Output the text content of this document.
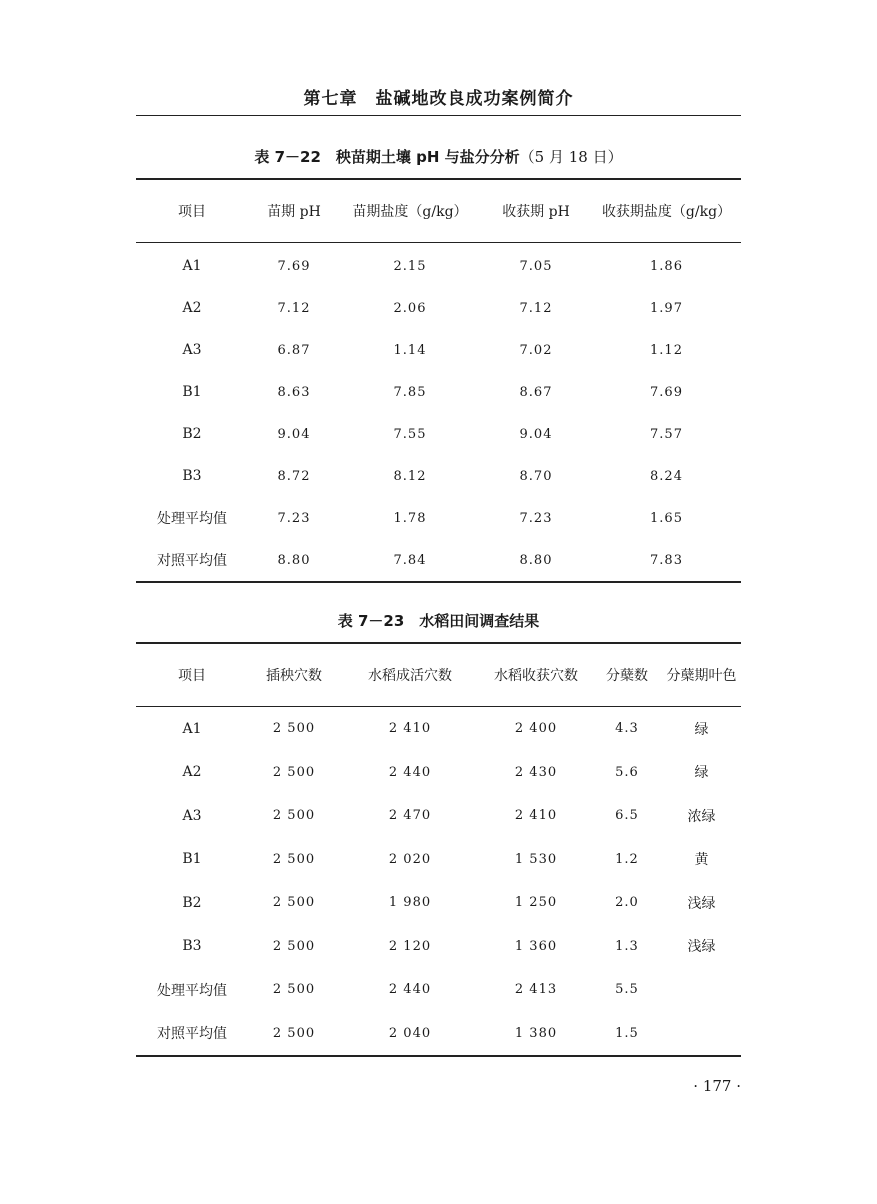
第七章　盐碱地改良成功案例简介
表 7－22　秧苗期土壤 pH 与盐分分析（5 月 18 日）
项目	苗期 pH	苗期盐度（g/kg）	收获期 pH	收获期盐度（g/kg）
A1	7.69	2.15	7.05	1.86
A2	7.12	2.06	7.12	1.97
A3	6.87	1.14	7.02	1.12
B1	8.63	7.85	8.67	7.69
B2	9.04	7.55	9.04	7.57
B3	8.72	8.12	8.70	8.24
处理平均值	7.23	1.78	7.23	1.65
对照平均值	8.80	7.84	8.80	7.83
表 7－23　水稻田间调查结果
项目	插秧穴数	水稻成活穴数	水稻收获穴数	分蘖数	分蘖期叶色
A1	2 500	2 410	2 400	4.3	绿
A2	2 500	2 440	2 430	5.6	绿
A3	2 500	2 470	2 410	6.5	浓绿
B1	2 500	2 020	1 530	1.2	黄
B2	2 500	1 980	1 250	2.0	浅绿
B3	2 500	2 120	1 360	1.3	浅绿
处理平均值	2 500	2 440	2 413	5.5	
对照平均值	2 500	2 040	1 380	1.5	
· 177 ·
